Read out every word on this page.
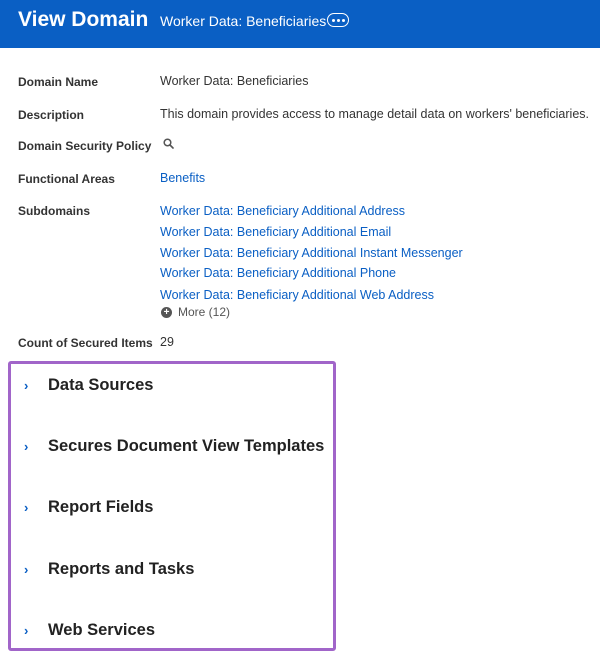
View Domain Worker Data: Beneficiaries
Domain Name	Worker Data: Beneficiaries
Description	This domain provides access to manage detail data on workers' beneficiaries.
Domain Security Policy
Functional Areas	Benefits
Subdomains	Worker Data: Beneficiary Additional Address
Worker Data: Beneficiary Additional Email
Worker Data: Beneficiary Additional Instant Messenger
Worker Data: Beneficiary Additional Phone
Worker Data: Beneficiary Additional Web Address
+ More (12)
Count of Secured Items 29
›	Data Sources
›	Secures Document View Templates
›	Report Fields
›	Reports and Tasks
›	Web Services
